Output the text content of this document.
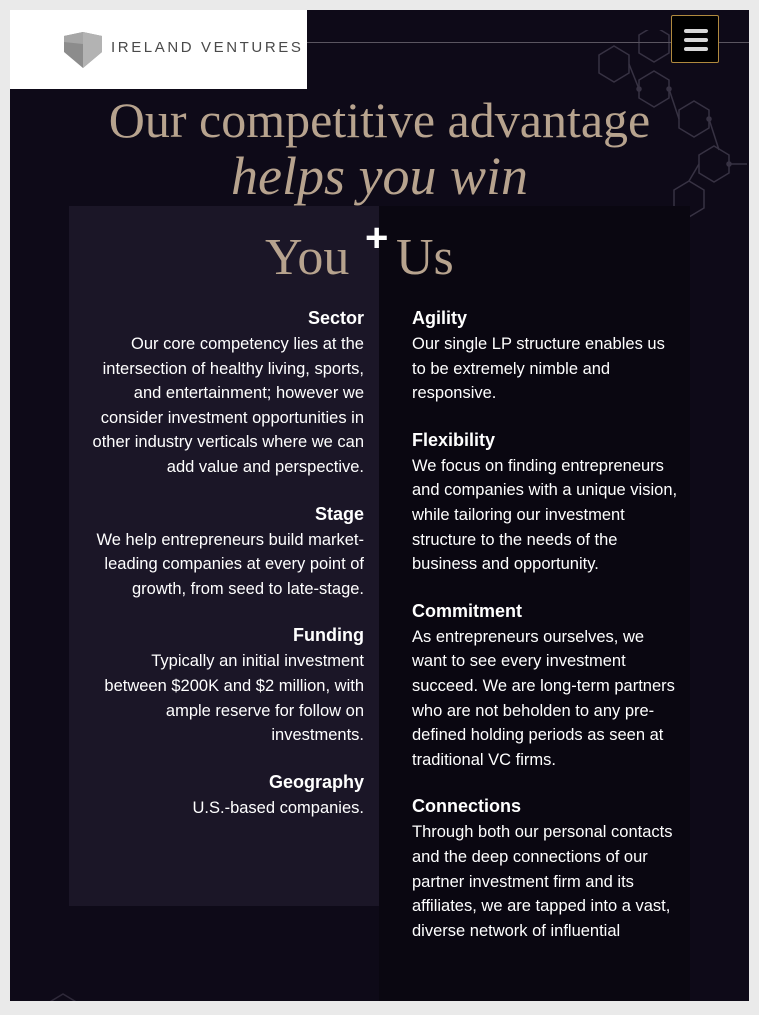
IRELAND VENTURES
Our competitive advantage
helps you win
You + Us

Sector

Our core competency lies at the intersection of healthy living, sports, and entertainment; however we consider investment opportunities in other industry verticals where we can add value and perspective.

Stage

We help entrepreneurs build market-leading companies at every point of growth, from seed to late-stage.

Funding

Typically an initial investment between $200K and $2 million, with ample reserve for follow on investments.

Geography

U.S.-based companies.

Agility

Our single LP structure enables us to be extremely nimble and responsive.

Flexibility

We focus on finding entrepreneurs and companies with a unique vision, while tailoring our investment structure to the needs of the business and opportunity.

Commitment

As entrepreneurs ourselves, we want to see every investment succeed. We are long-term partners who are not beholden to any pre-defined holding periods as seen at traditional VC firms.

Connections

Through both our personal contacts and the deep connections of our partner investment firm and its affiliates, we are tapped into a vast, diverse network of influential
